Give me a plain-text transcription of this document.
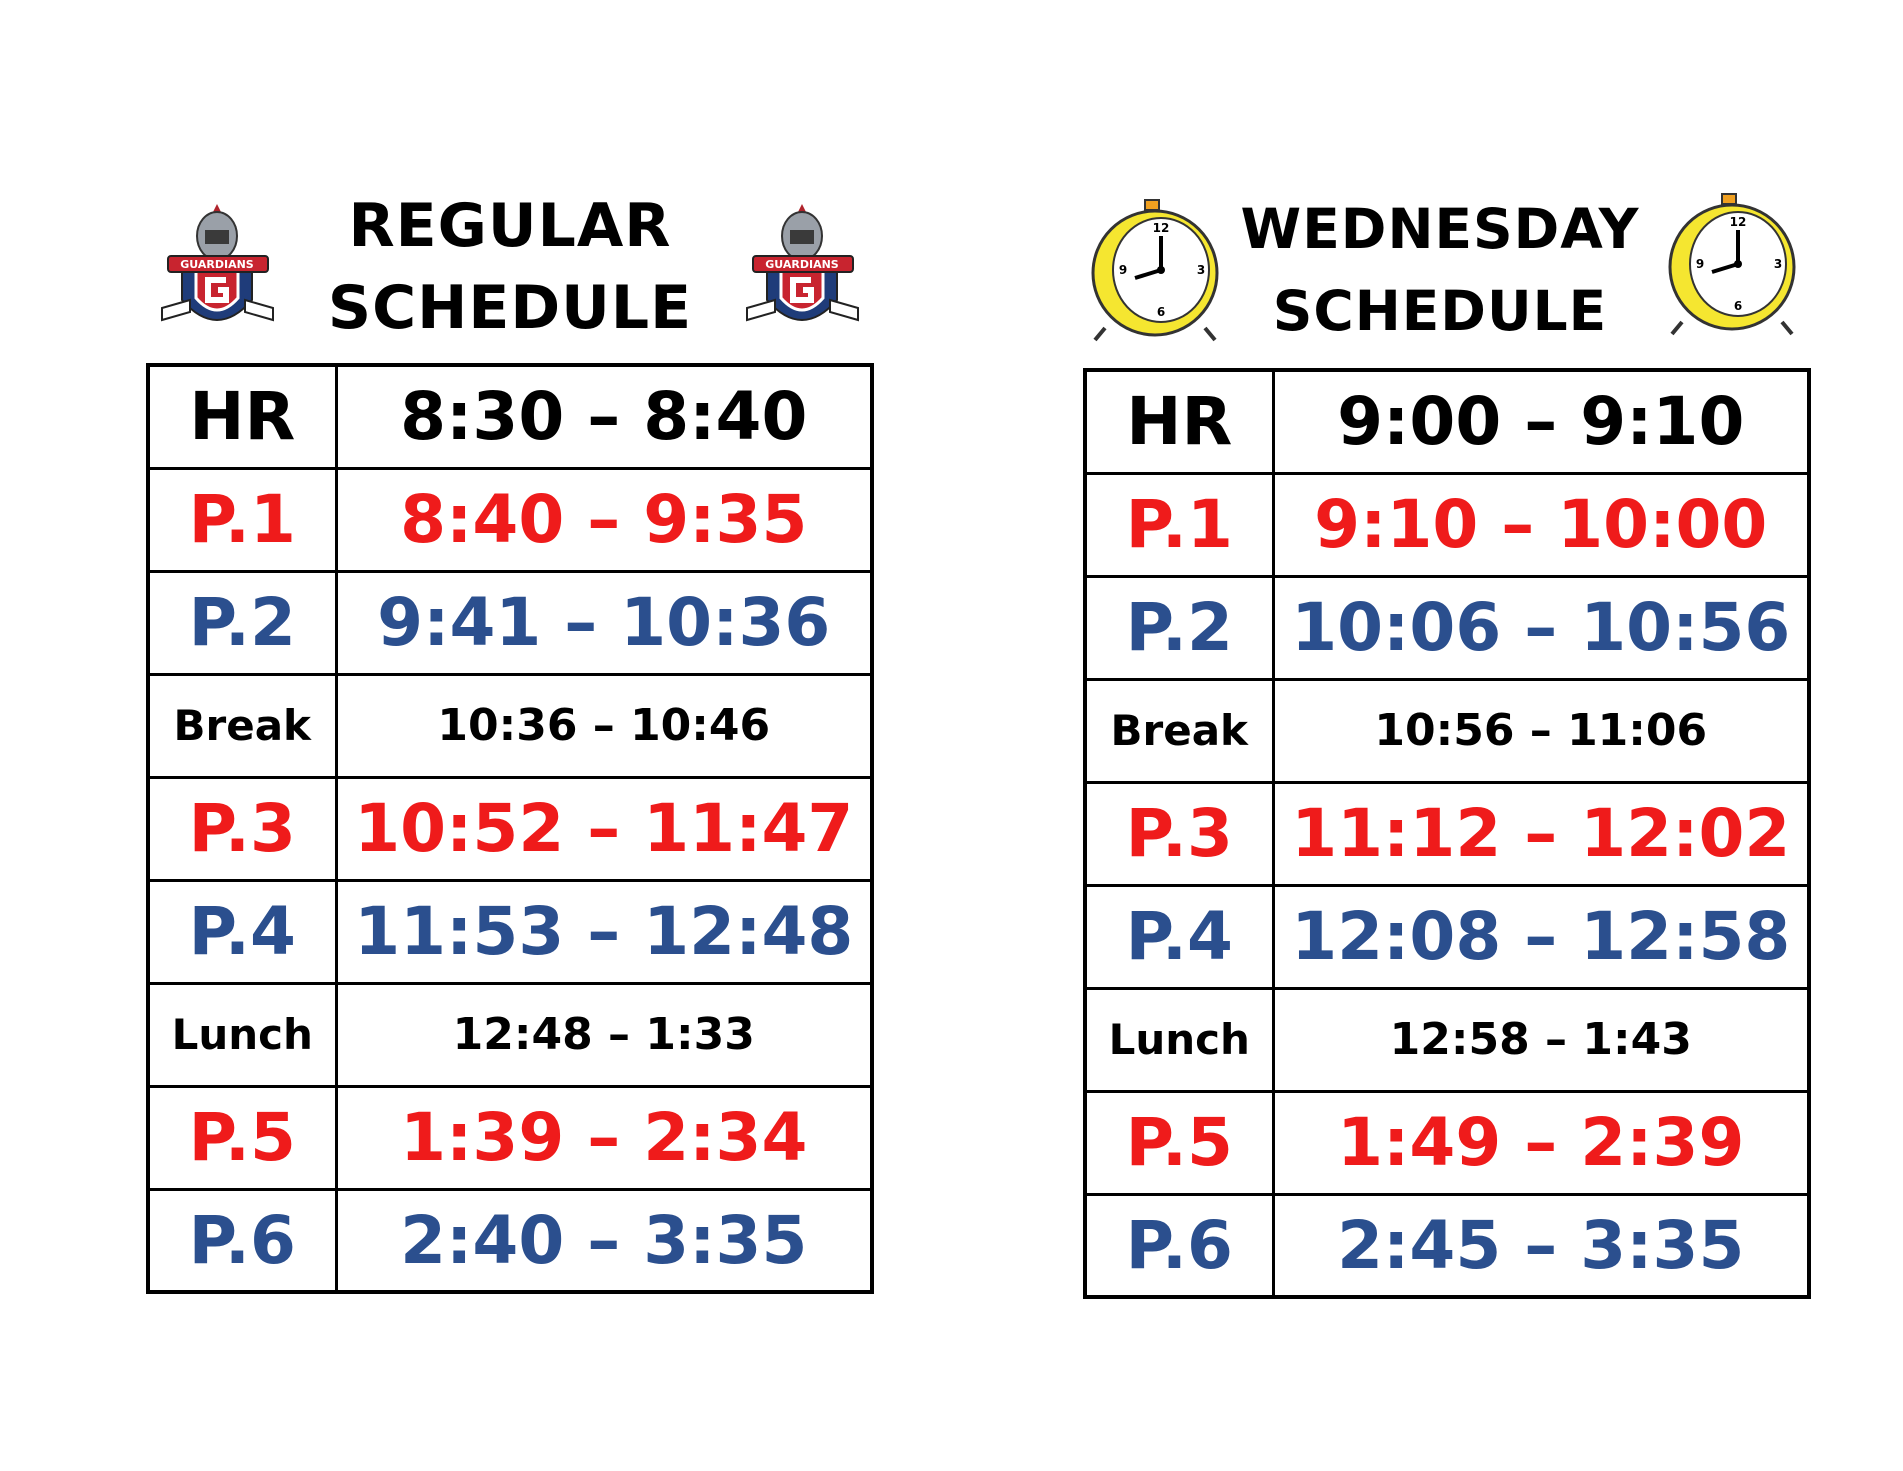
GUARDIANS
REGULAR
SCHEDULE
GUARDIANS
HR	8:30 – 8:40
P.1	8:40 – 9:35
P.2	9:41 – 10:36
Break	10:36 – 10:46
P.3	10:52 – 11:47
P.4	11:53 – 12:48
Lunch	12:48 – 1:33
P.5	1:39 – 2:34
P.6	2:40 – 3:35
12
3
6
9
WEDNESDAY
SCHEDULE
12
3
6
9
HR	9:00 – 9:10
P.1	9:10 – 10:00
P.2	10:06 – 10:56
Break	10:56 – 11:06
P.3	11:12 – 12:02
P.4	12:08 – 12:58
Lunch	12:58 – 1:43
P.5	1:49 – 2:39
P.6	2:45 – 3:35
